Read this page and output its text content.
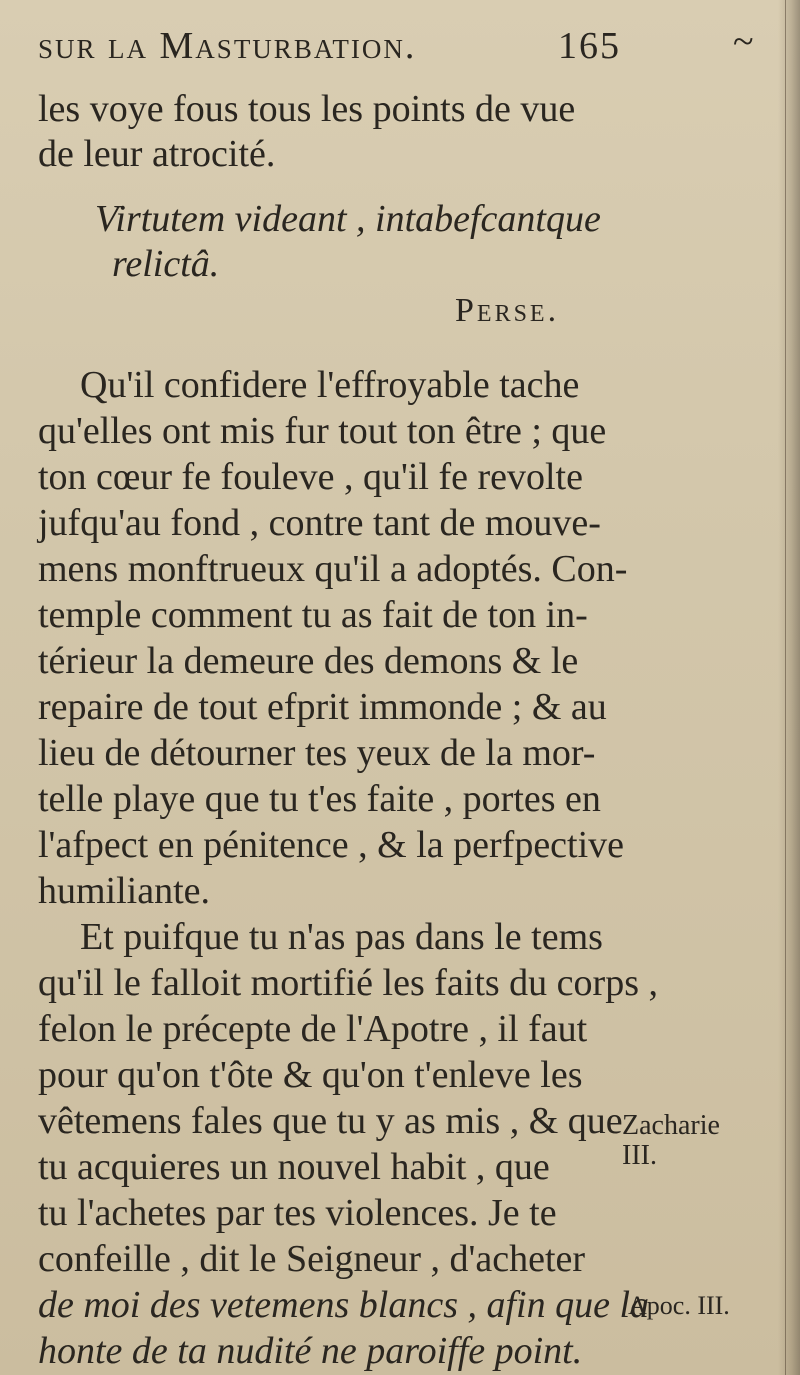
sur la Masturbation.	165	~
les voye fous tous les points de vue
de leur atrocité.
Virtutem videant , intabefcantque
relictâ.
Perse.
Qu'il confidere l'effroyable tache
qu'elles ont mis fur tout ton être ; que
ton cœur fe fouleve , qu'il fe revolte
jufqu'au fond , contre tant de mouve-
mens monftrueux qu'il a adoptés. Con-
temple comment tu as fait de ton in-
térieur la demeure des demons & le
repaire de tout efprit immonde ; & au
lieu de détourner tes yeux de la mor-
telle playe que tu t'es faite , portes en
l'afpect en pénitence , & la perfpective
humiliante.
Et puifque tu n'as pas dans le tems
qu'il le falloit mortifié les faits du corps ,
felon le précepte de l'Apotre , il faut
pour qu'on t'ôte & qu'on t'enleve les
vêtemens fales que tu y as mis , & que
tu acquieres un nouvel habit , que
tu l'achetes par tes violences. Je te
confeille , dit le Seigneur , d'acheter
de moi des vetemens blancs , afin que la
honte de ta nudité ne paroiffe point.
Zacharie
III.
Apoc. III.
